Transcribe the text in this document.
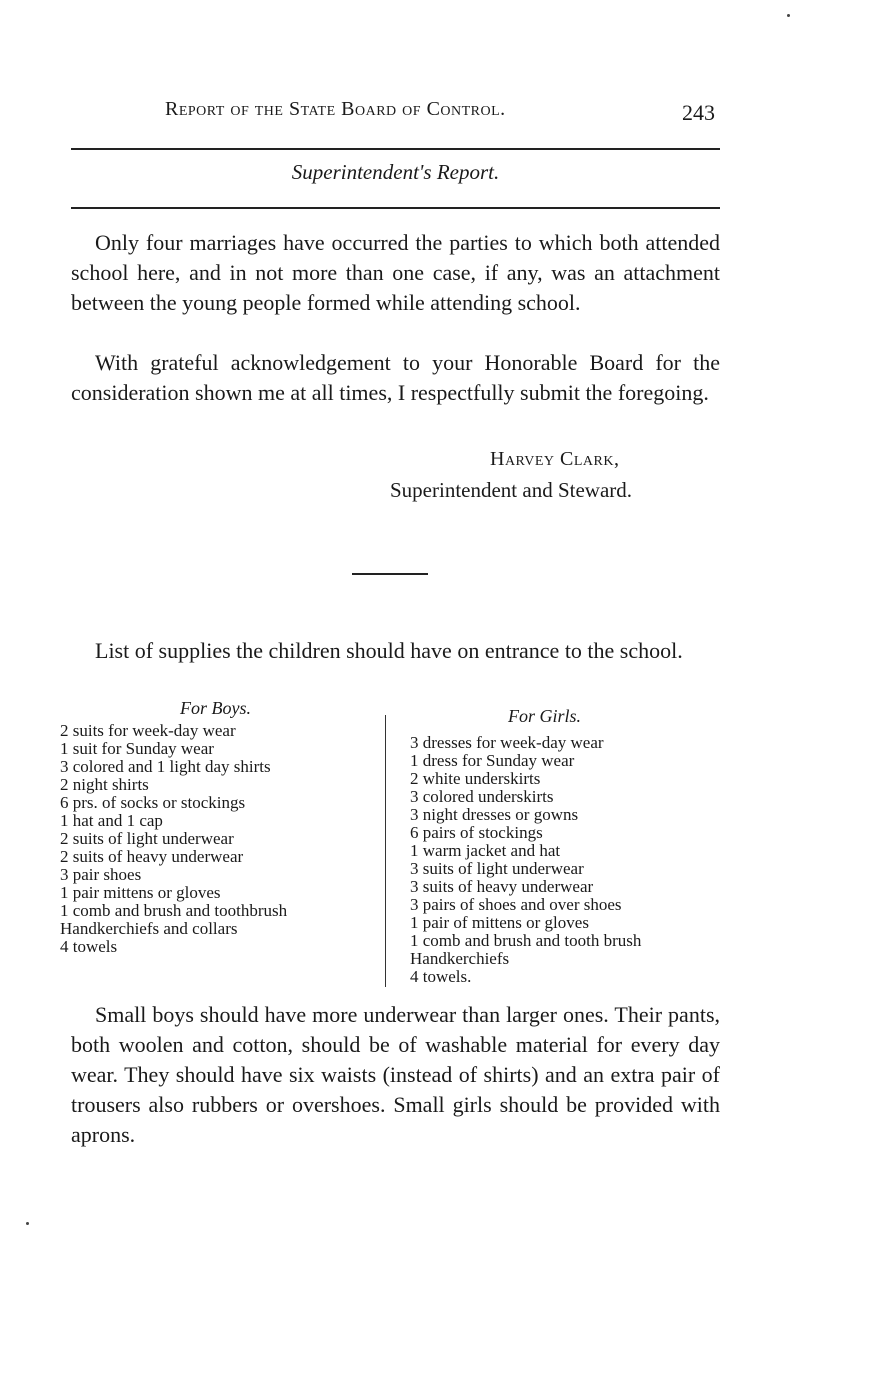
Report of the State Board of Control.	243
Superintendent's Report.

Only four marriages have occurred the parties to which both attended school here, and in not more than one case, if any, was an attachment between the young people formed while attending school.

With grateful acknowledgement to your Honorable Board for the consideration shown me at all times, I respectfully submit the foregoing.

Harvey Clark,
Superintendent and Steward.

List of supplies the children should have on entrance to the school.

For Boys.
2 suits for week-day wear
1 suit for Sunday wear
3 colored and 1 light day shirts
2 night shirts
6 prs. of socks or stockings
1 hat and 1 cap
2 suits of light underwear
2 suits of heavy underwear
3 pair shoes
1 pair mittens or gloves
1 comb and brush and toothbrush
Handkerchiefs and collars
4 towels
For Girls.
3 dresses for week-day wear
1 dress for Sunday wear
2 white underskirts
3 colored underskirts
3 night dresses or gowns
6 pairs of stockings
1 warm jacket and hat
3 suits of light underwear
3 suits of heavy underwear
3 pairs of shoes and over shoes
1 pair of mittens or gloves
1 comb and brush and tooth brush
Handkerchiefs
4 towels.

Small boys should have more underwear than larger ones. Their pants, both woolen and cotton, should be of washable material for every day wear. They should have six waists (instead of shirts) and an extra pair of trousers also rubbers or overshoes. Small girls should be provided with aprons.
